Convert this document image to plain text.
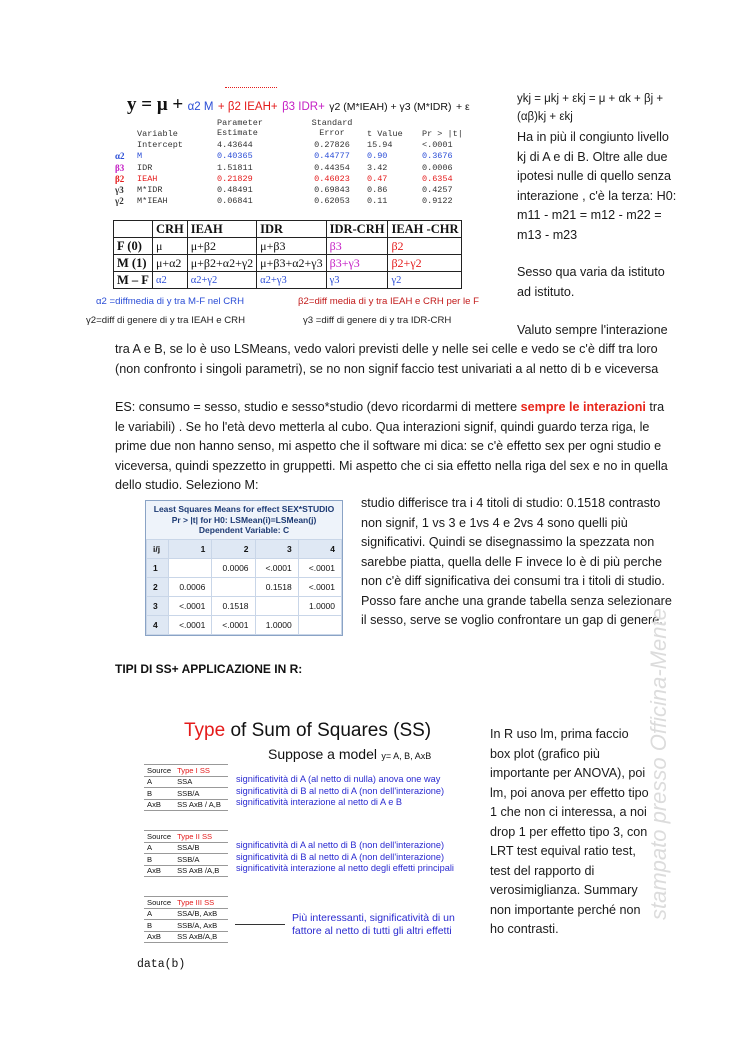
y = μ + α2 M + β2 IEAH+ β3 IDR+ γ2 (M*IEAH) + γ3 (M*IDR) + ε
	Variable	Parameter Estimate	Standard Error	t Value	Pr > |t|
	Intercept	4.43644	0.27826	15.94	<.0001
α2	M	0.40365	0.44777	0.90	0.3676
β3	IDR	1.51811	0.44354	3.42	0.0006
β2	IEAH	0.21829	0.46023	0.47	0.6354
γ3	M*IDR	0.48491	0.69843	0.86	0.4257
γ2	M*IEAH	0.06841	0.62053	0.11	0.9122
	CRH	IEAH	IDR	IDR-CRH	IEAH -CHR
F (0)	μ	μ+β2	μ+β3	β3	β2
M (1)	μ+α2	μ+β2+α2+γ2	μ+β3+α2+γ3	β3+γ3	β2+γ2
M – F	α2	α2+γ2	α2+γ3	γ3	γ2
α2 =diffmedia di y tra M-F nel CRH	β2=diff media di y tra IEAH e CRH per le F
γ2=diff di genere di y tra IEAH e CRH	γ3 =diff di genere di y tra IDR-CRH
ykj = μkj + εkj = μ + αk + βj +(αβ)kj + εkj
Ha in più il congiunto livello kj di A e di B. Oltre alle due ipotesi nulle di quello senza interazione , c'è la terza: H0: m11 - m21 = m12 - m22 = m13 - m23
Sesso qua varia da istituto ad istituto.
Valuto sempre l'interazione
tra A e B, se lo è uso LSMeans, vedo valori previsti delle y nelle sei celle e vedo se c'è diff tra loro (non confronto i singoli parametri), se no non signif faccio test univariati a al netto di b e viceversa
ES: consumo = sesso, studio e sesso*studio (devo ricordarmi di mettere sempre le interazioni tra le variabili) . Se ho l'età devo metterla al cubo. Qua interazioni signif, quindi guardo terza riga, le prime due non hanno senso, mi aspetto che il software mi dica: se c'è effetto sex per ogni studio e viceversa, quindi spezzetto in gruppetti. Mi aspetto che ci sia effetto nella riga del sex e no in quella dello studio. Seleziono M:
Least Squares Means for effect SEX*STUDIO
Pr > |t| for H0: LSMean(i)=LSMean(j)
Dependent Variable: C
i/j	1	2	3	4
1		0.0006	<.0001	<.0001
2	0.0006		0.1518	<.0001
3	<.0001	0.1518		1.0000
4	<.0001	<.0001	1.0000	
studio differisce tra i 4 titoli di studio: 0.1518 contrasto non signif, 1 vs 3 e 1vs 4 e 2vs 4 sono quelli più significativi. Quindi se disegnassimo la spezzata non sarebbe piatta, quella delle F invece lo è di più perche non c'è diff significativa dei consumi tra i titoli di studio. Posso fare anche una grande tabella senza selezionare il sesso, serve se voglio confrontare un gap di genere.
TIPI DI SS+ APPLICAZIONE IN R:
Type of Sum of Squares (SS)
Suppose a model y= A, B, AxB
Source	Type I SS
A	SSA
B	SSB/A
AxB	SS AxB / A,B
significatività di A (al netto di nulla) anova one way
significatività di B al netto di A (non dell'interazione)
significatività interazione al netto di A e B
Source	Type II SS
A	SSA/B
B	SSB/A
AxB	SS AxB /A,B
significatività di A al netto di B (non dell'interazione)
significatività di B al netto di A (non dell'interazione)
significatività interazione al netto degli effetti principali
Source	Type III SS
A	SSA/B, AxB
B	SSB/A, AxB
AxB	SS AxB/A,B
Più interessanti, significatività di un
fattore al netto di tutti gli altri effetti
In R uso lm, prima faccio box plot (grafico più importante per ANOVA), poi lm, poi anova per effetto tipo 1 che non ci interessa, a noi drop 1 per effetto tipo 3, con LRT test equival ratio test, test del rapporto di verosimiglianza. Summary non importante perché non ho contrasti.
data(b)
stampato presso Officina-Mente
